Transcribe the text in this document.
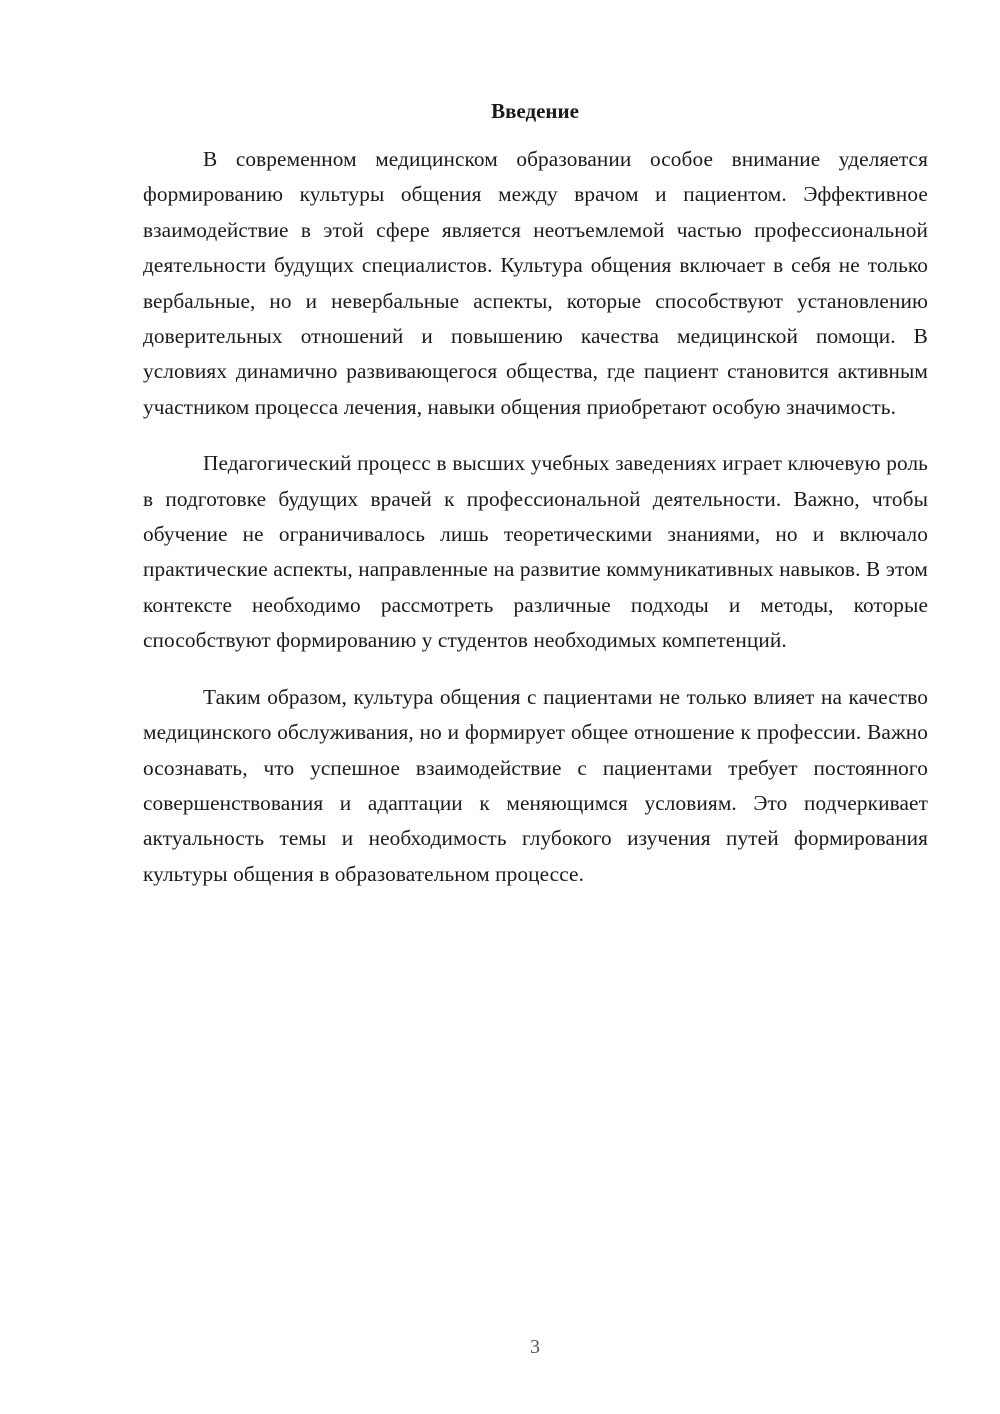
Введение

В современном медицинском образовании особое внимание уделяется формированию культуры общения между врачом и пациентом. Эффективное взаимодействие в этой сфере является неотъемлемой частью профессиональной деятельности будущих специалистов. Культура общения включает в себя не только вербальные, но и невербальные аспекты, которые способствуют установлению доверительных отношений и повышению качества медицинской помощи. В условиях динамично развивающегося общества, где пациент становится активным участником процесса лечения, навыки общения приобретают особую значимость.

Педагогический процесс в высших учебных заведениях играет ключевую роль в подготовке будущих врачей к профессиональной деятельности. Важно, чтобы обучение не ограничивалось лишь теоретическими знаниями, но и включало практические аспекты, направленные на развитие коммуникативных навыков. В этом контексте необходимо рассмотреть различные подходы и методы, которые способствуют формированию у студентов необходимых компетенций.

Таким образом, культура общения с пациентами не только влияет на качество медицинского обслуживания, но и формирует общее отношение к профессии. Важно осознавать, что успешное взаимодействие с пациентами требует постоянного совершенствования и адаптации к меняющимся условиям. Это подчеркивает актуальность темы и необходимость глубокого изучения путей формирования культуры общения в образовательном процессе.

3
